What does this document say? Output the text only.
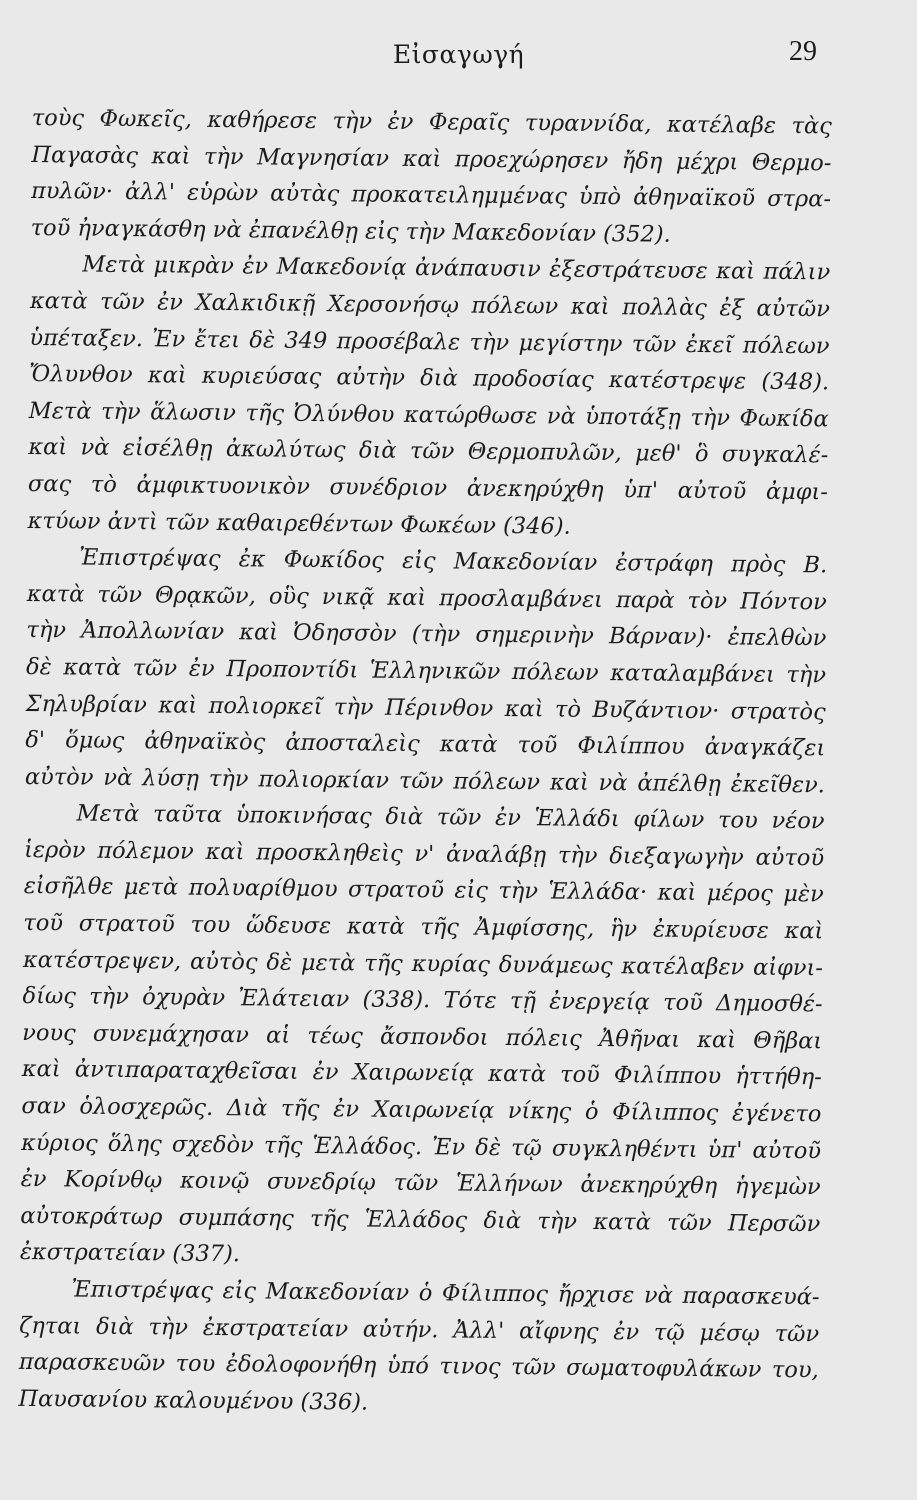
Εἰσαγωγή	29
τοὺς Φωκεῖς, καθήρεσε τὴν ἐν Φεραῖς τυραννίδα, κατέλαβε τὰς
Παγασὰς καὶ τὴν Μαγνησίαν καὶ προεχώρησεν ἤδη μέχρι Θερμο-
πυλῶν· ἀλλ' εὑρὼν αὐτὰς προκατειλημμένας ὑπὸ ἀθηναϊκοῦ στρα-
τοῦ ἠναγκάσθη νὰ ἐπανέλθῃ εἰς τὴν Μακεδονίαν (352).
Μετὰ μικρὰν ἐν Μακεδονίᾳ ἀνάπαυσιν ἐξεστράτευσε καὶ πάλιν
κατὰ τῶν ἐν Χαλκιδικῇ Χερσονήσῳ πόλεων καὶ πολλὰς ἐξ αὐτῶν
ὑπέταξεν. Ἐν ἔτει δὲ 349 προσέβαλε τὴν μεγίστην τῶν ἐκεῖ πόλεων
Ὄλυνθον καὶ κυριεύσας αὐτὴν διὰ προδοσίας κατέστρεψε (348).
Μετὰ τὴν ἅλωσιν τῆς Ὀλύνθου κατώρθωσε νὰ ὑποτάξῃ τὴν Φωκίδα
καὶ νὰ εἰσέλθῃ ἀκωλύτως διὰ τῶν Θερμοπυλῶν, μεθ' ὃ συγκαλέ-
σας τὸ ἀμφικτυονικὸν συνέδριον ἀνεκηρύχθη ὑπ' αὐτοῦ ἀμφι-
κτύων ἀντὶ τῶν καθαιρεθέντων Φωκέων (346).
Ἐπιστρέψας ἐκ Φωκίδος εἰς Μακεδονίαν ἐστράφη πρὸς Β.
κατὰ τῶν Θρᾳκῶν, οὓς νικᾷ καὶ προσλαμβάνει παρὰ τὸν Πόντον
τὴν Ἀπολλωνίαν καὶ Ὀδησσὸν (τὴν σημερινὴν Βάρναν)· ἐπελθὼν
δὲ κατὰ τῶν ἐν Προποντίδι Ἑλληνικῶν πόλεων καταλαμβάνει τὴν
Σηλυβρίαν καὶ πολιορκεῖ τὴν Πέρινθον καὶ τὸ Βυζάντιον· στρατὸς
δ' ὅμως ἀθηναϊκὸς ἀποσταλεὶς κατὰ τοῦ Φιλίππου ἀναγκάζει
αὐτὸν νὰ λύσῃ τὴν πολιορκίαν τῶν πόλεων καὶ νὰ ἀπέλθῃ ἐκεῖθεν.
Μετὰ ταῦτα ὑποκινήσας διὰ τῶν ἐν Ἑλλάδι φίλων του νέον
ἱερὸν πόλεμον καὶ προσκληθεὶς ν' ἀναλάβῃ τὴν διεξαγωγὴν αὐτοῦ
εἰσῆλθε μετὰ πολυαρίθμου στρατοῦ εἰς τὴν Ἑλλάδα· καὶ μέρος μὲν
τοῦ στρατοῦ του ὥδευσε κατὰ τῆς Ἀμφίσσης, ἣν ἐκυρίευσε καὶ
κατέστρεψεν, αὐτὸς δὲ μετὰ τῆς κυρίας δυνάμεως κατέλαβεν αἰφνι-
δίως τὴν ὀχυρὰν Ἐλάτειαν (338). Τότε τῇ ἐνεργείᾳ τοῦ Δημοσθέ-
νους συνεμάχησαν αἱ τέως ἄσπονδοι πόλεις Ἀθῆναι καὶ Θῆβαι
καὶ ἀντιπαραταχθεῖσαι ἐν Χαιρωνείᾳ κατὰ τοῦ Φιλίππου ἡττήθη-
σαν ὁλοσχερῶς. Διὰ τῆς ἐν Χαιρωνείᾳ νίκης ὁ Φίλιππος ἐγένετο
κύριος ὅλης σχεδὸν τῆς Ἑλλάδος. Ἐν δὲ τῷ συγκληθέντι ὑπ' αὐτοῦ
ἐν Κορίνθῳ κοινῷ συνεδρίῳ τῶν Ἑλλήνων ἀνεκηρύχθη ἡγεμὼν
αὐτοκράτωρ συμπάσης τῆς Ἑλλάδος διὰ τὴν κατὰ τῶν Περσῶν
ἐκστρατείαν (337).
Ἐπιστρέψας εἰς Μακεδονίαν ὁ Φίλιππος ἤρχισε νὰ παρασκευά-
ζηται διὰ τὴν ἐκστρατείαν αὐτήν. Ἀλλ' αἴφνης ἐν τῷ μέσῳ τῶν
παρασκευῶν του ἐδολοφονήθη ὑπό τινος τῶν σωματοφυλάκων του,
Παυσανίου καλουμένου (336).
